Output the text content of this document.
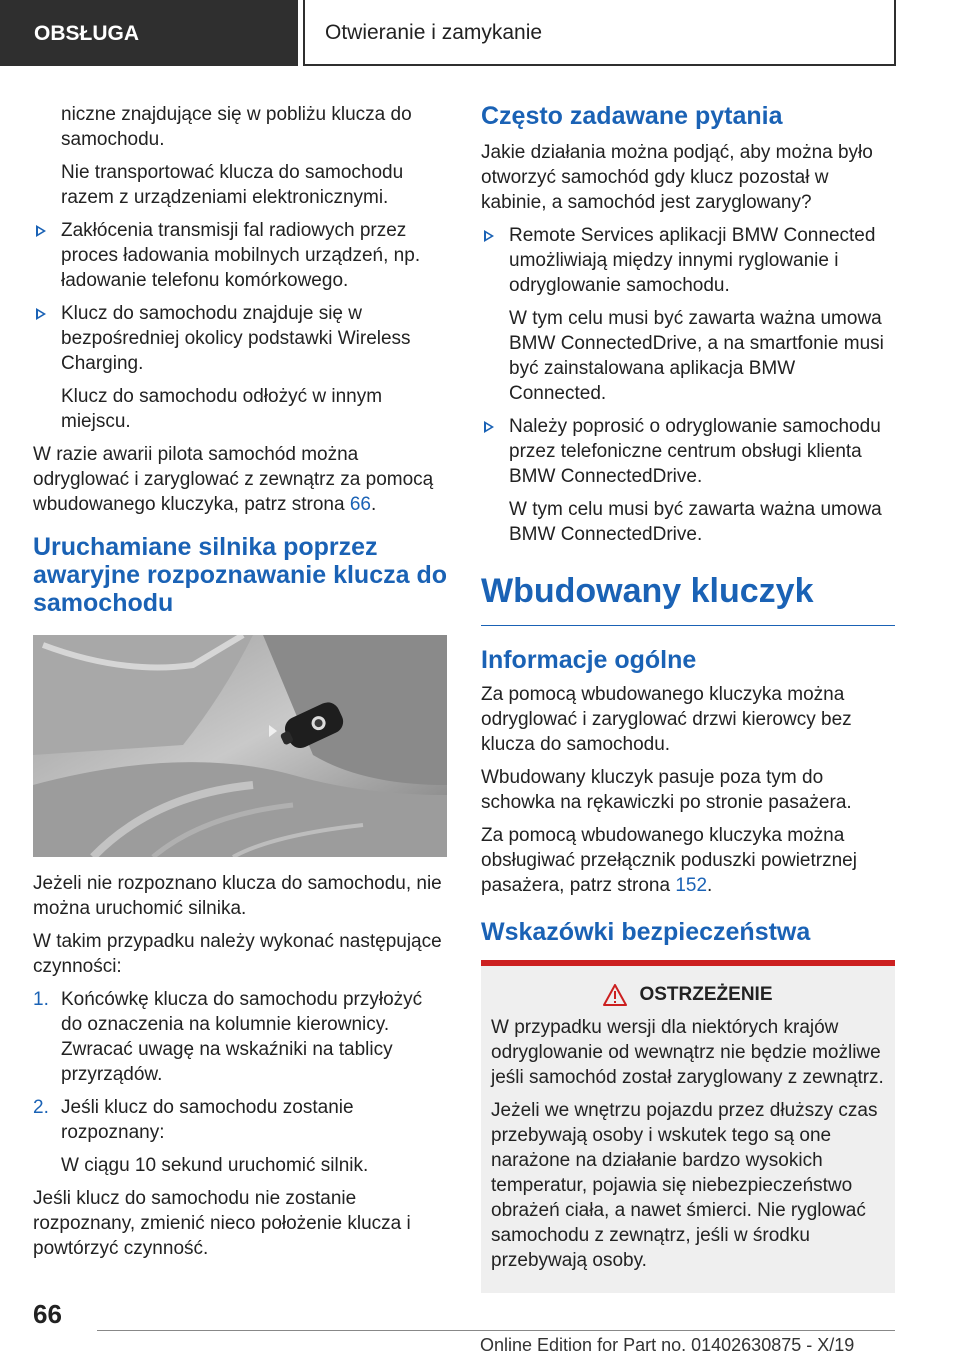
OBSŁUGA	Otwieranie i zamykanie

niczne znajdujące się w pobliżu klucza do samochodu.

Nie transportować klucza do samochodu razem z urządzeniami elektronicznymi.

Zakłócenia transmisji fal radiowych przez proces ładowania mobilnych urządzeń, np. ładowanie telefonu komórkowego.
Klucz do samochodu znajduje się w bezpośredniej okolicy podstawki Wireless Charging.

Klucz do samochodu odłożyć w innym miejscu.

W razie awarii pilota samochód można odryglować i zaryglować z zewnątrz za pomocą wbudowanego kluczyka, patrz strona 66.

Uruchamiane silnika poprzez awaryjne rozpoznawanie klucza do samochodu

Jeżeli nie rozpoznano klucza do samochodu, nie można uruchomić silnika.

W takim przypadku należy wykonać następujące czynności:

1. Końcówkę klucza do samochodu przyłożyć do oznaczenia na kolumnie kierownicy. Zwracać uwagę na wskaźniki na tablicy przyrządów.
2. Jeśli klucz do samochodu zostanie rozpoznany:

W ciągu 10 sekund uruchomić silnik.

Jeśli klucz do samochodu nie zostanie rozpoznany, zmienić nieco położenie klucza i powtórzyć czynność.

Często zadawane pytania

Jakie działania można podjąć, aby można było otworzyć samochód gdy klucz pozostał w kabinie, a samochód jest zaryglowany?

Remote Services aplikacji BMW Connected umożliwiają między innymi ryglowanie i odryglowanie samochodu.

W tym celu musi być zawarta ważna umowa BMW ConnectedDrive, a na smartfonie musi być zainstalowana aplikacja BMW Connected.

Należy poprosić o odryglowanie samochodu przez telefoniczne centrum obsługi klienta BMW ConnectedDrive.

W tym celu musi być zawarta ważna umowa BMW ConnectedDrive.

Wbudowany kluczyk
Informacje ogólne

Za pomocą wbudowanego kluczyka można odryglować i zaryglować drzwi kierowcy bez klucza do samochodu.

Wbudowany kluczyk pasuje poza tym do schowka na rękawiczki po stronie pasażera.

Za pomocą wbudowanego kluczyka można obsługiwać przełącznik poduszki powietrznej pasażera, patrz strona 152.

Wskazówki bezpieczeństwa
OSTRZEŻENIE

W przypadku wersji dla niektórych krajów odryglowanie od wewnątrz nie będzie możliwe jeśli samochód został zaryglowany z zewnątrz.

Jeżeli we wnętrzu pojazdu przez dłuższy czas przebywają osoby i wskutek tego są one narażone na działanie bardzo wysokich temperatur, pojawia się niebezpieczeństwo obrażeń ciała, a nawet śmierci. Nie ryglować samochodu z zewnątrz, jeśli w środku przebywają osoby.

66
Online Edition for Part no. 01402630875 - X/19
